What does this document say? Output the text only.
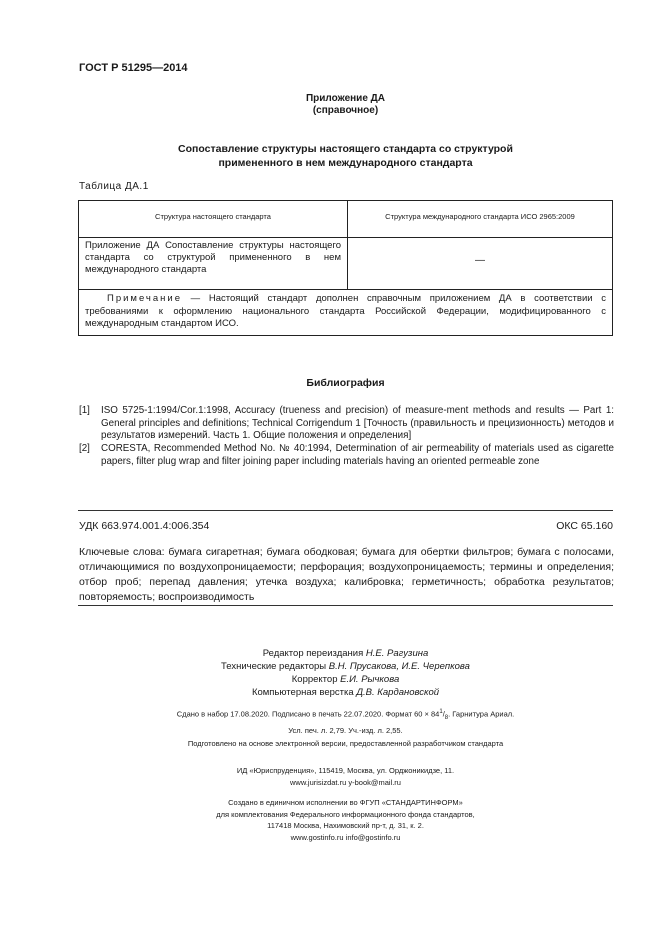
ГОСТ Р 51295—2014
Приложение ДА
(справочное)
Сопоставление структуры настоящего стандарта со структурой
примененного в нем международного стандарта
Таблица ДА.1
Структура настоящего стандарта	Структура международного стандарта ИСО 2965:2009
Приложение ДА Сопоставление структуры настоящего стандарта со структурой примененного в нем международного стандарта
—
Примечание — Настоящий стандарт дополнен справочным приложением ДА в соответствии с требованиями к оформлению национального стандарта Российской Федерации, модифицированного с международным стандартом ИСО.
Библиография
[1] ISO 5725-1:1994/Cor.1:1998, Accuracy (trueness and precision) of measure-ment methods and results — Part 1: General principles and definitions; Technical Corrigendum 1 [Точность (правильность и прецизионность) методов и результатов измерений. Часть 1. Общие положения и определения]
[2] CORESTA, Recommended Method No. № 40:1994, Determination of air permeability of materials used as cigarette papers, filter plug wrap and filter joining paper including materials having an oriented permeable zone
УДК 663.974.001.4:006.354	ОКС 65.160
Ключевые слова: бумага сигаретная; бумага ободковая; бумага для обертки фильтров; бумага с полосами, отличающимися по воздухопроницаемости; перфорация; воздухопроницаемость; термины и определения; отбор проб; перепад давления; утечка воздуха; калибровка; герметичность; обработка результатов; повторяемость; воспроизводимость
Редактор переиздания Н.Е. Рагузина
Технические редакторы В.Н. Прусакова, И.Е. Черепкова
Корректор Е.И. Рычкова
Компьютерная верстка Д.В. Кардановской
Сдано в набор 17.08.2020. Подписано в печать 22.07.2020. Формат $60 \times 84^1/_8$. Гарнитура Ариал.
Усл. печ. л. 2,79. Уч.-изд. л. 2,55.
Подготовлено на основе электронной версии, предоставленной разработчиком стандарта
ИД «Юриспруденция», 115419, Москва, ул. Орджоникидзе, 11.
www.jurisizdat.ru y-book@mail.ru
Создано в единичном исполнении во ФГУП «СТАНДАРТИНФОРМ»
для комплектования Федерального информационного фонда стандартов,
117418 Москва, Нахимовский пр-т, д. 31, к. 2.
www.gostinfo.ru info@gostinfo.ru
